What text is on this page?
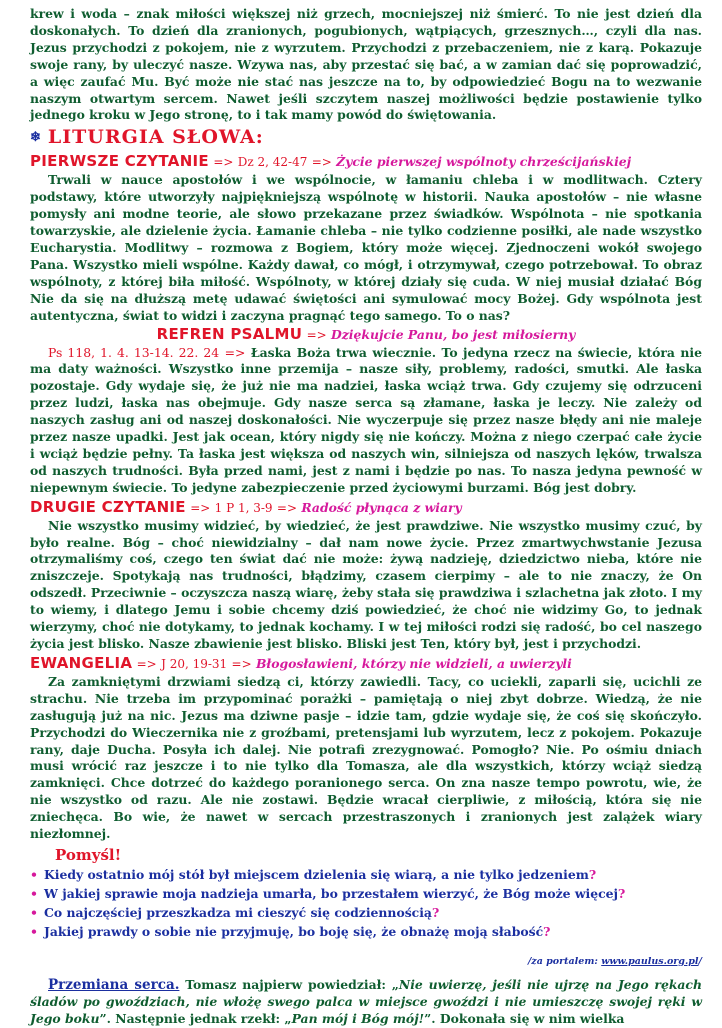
krew i woda – znak miłości większej niż grzech, mocniejszej niż śmierć. To nie jest dzień dla doskonałych. To dzień dla zranionych, pogubionych, wątpiących, grzesznych…, czyli dla nas. Jezus przychodzi z pokojem, nie z wyrzutem. Przychodzi z przebaczeniem, nie z karą. Pokazuje swoje rany, by uleczyć nasze. Wzywa nas, aby przestać się bać, a w zamian dać się poprowadzić, a więc zaufać Mu. Być może nie stać nas jeszcze na to, by odpowiedzieć Bogu na to wezwanie naszym otwartym sercem. Nawet jeśli szczytem naszej możliwości będzie postawienie tylko jednego kroku w Jego stronę, to i tak mamy powód do świętowania.

❄ LITURGIA SŁOWA:
PIERWSZE CZYTANIE => Dz 2, 42-47 => Życie pierwszej wspólnoty chrześcijańskiej

Trwali w nauce apostołów i we wspólnocie, w łamaniu chleba i w modlitwach. Cztery podstawy, które utworzyły najpiękniejszą wspólnotę w historii. Nauka apostołów – nie własne pomysły ani modne teorie, ale słowo przekazane przez świadków. Wspólnota – nie spotkania towarzyskie, ale dzielenie życia. Łamanie chleba – nie tylko codzienne posiłki, ale nade wszystko Eucharystia. Modlitwy – rozmowa z Bogiem, który może więcej. Zjednoczeni wokół swojego Pana. Wszystko mieli wspólne. Każdy dawał, co mógł, i otrzymywał, czego potrzebował. To obraz wspólnoty, z której biła miłość. Wspólnoty, w której działy się cuda. W niej musiał działać Bóg Nie da się na dłuższą metę udawać świętości ani symulować mocy Bożej. Gdy wspólnota jest autentyczna, świat to widzi i zaczyna pragnąć tego samego. To o nas?

REFREN PSALMU => Dziękujcie Panu, bo jest miłosierny

Ps 118, 1. 4. 13-14. 22. 24 => Łaska Boża trwa wiecznie. To jedyna rzecz na świecie, która nie ma daty ważności. Wszystko inne przemija – nasze siły, problemy, radości, smutki. Ale łaska pozostaje. Gdy wydaje się, że już nie ma nadziei, łaska wciąż trwa. Gdy czujemy się odrzuceni przez ludzi, łaska nas obejmuje. Gdy nasze serca są złamane, łaska je leczy. Nie zależy od naszych zasług ani od naszej doskonałości. Nie wyczerpuje się przez nasze błędy ani nie maleje przez nasze upadki. Jest jak ocean, który nigdy się nie kończy. Można z niego czerpać całe życie i wciąż będzie pełny. Ta łaska jest większa od naszych win, silniejsza od naszych lęków, trwalsza od naszych trudności. Była przed nami, jest z nami i będzie po nas. To nasza jedyna pewność w niepewnym świecie. To jedyne zabezpieczenie przed życiowymi burzami. Bóg jest dobry.

DRUGIE CZYTANIE => 1 P 1, 3-9 => Radość płynąca z wiary

Nie wszystko musimy widzieć, by wiedzieć, że jest prawdziwe. Nie wszystko musimy czuć, by było realne. Bóg – choć niewidzialny – dał nam nowe życie. Przez zmartwychwstanie Jezusa otrzymaliśmy coś, czego ten świat dać nie może: żywą nadzieję, dziedzictwo nieba, które nie zniszczeje. Spotykają nas trudności, błądzimy, czasem cierpimy – ale to nie znaczy, że On odszedł. Przeciwnie – oczyszcza naszą wiarę, żeby stała się prawdziwa i szlachetna jak złoto. I my to wiemy, i dlatego Jemu i sobie chcemy dziś powiedzieć, że choć nie widzimy Go, to jednak wierzymy, choć nie dotykamy, to jednak kochamy. I w tej miłości rodzi się radość, bo cel naszego życia jest blisko. Nasze zbawienie jest blisko. Bliski jest Ten, który był, jest i przychodzi.

EWANGELIA => J 20, 19-31 => Błogosławieni, którzy nie widzieli, a uwierzyli

Za zamkniętymi drzwiami siedzą ci, którzy zawiedli. Tacy, co uciekli, zaparli się, ucichli ze strachu. Nie trzeba im przypominać porażki – pamiętają o niej zbyt dobrze. Wiedzą, że nie zasługują już na nic. Jezus ma dziwne pasje – idzie tam, gdzie wydaje się, że coś się skończyło. Przychodzi do Wieczernika nie z groźbami, pretensjami lub wyrzutem, lecz z pokojem. Pokazuje rany, daje Ducha. Posyła ich dalej. Nie potrafi zrezygnować. Pomogło? Nie. Po ośmiu dniach musi wrócić raz jeszcze i to nie tylko dla Tomasza, ale dla wszystkich, którzy wciąż siedzą zamknięci. Chce dotrzeć do każdego poranionego serca. On zna nasze tempo powrotu, wie, że nie wszystko od razu. Ale nie zostawi. Będzie wracał cierpliwie, z miłością, która się nie zniechęca. Bo wie, że nawet w sercach przestraszonych i zranionych jest zalążek wiary niezłomnej.

Pomyśl!
• Kiedy ostatnio mój stół był miejscem dzielenia się wiarą, a nie tylko jedzeniem?
• W jakiej sprawie moja nadzieja umarła, bo przestałem wierzyć, że Bóg może więcej?
• Co najczęściej przeszkadza mi cieszyć się codziennością?
• Jakiej prawdy o sobie nie przyjmuję, bo boję się, że obnażę moją słabość?
/za portalem: www.paulus.org.pl/

Przemiana serca. Tomasz najpierw powiedział: „Nie uwierzę, jeśli nie ujrzę na Jego rękach śladów po gwoździach, nie włożę swego palca w miejsce gwoździ i nie umieszczę swojej ręki w Jego boku”. Następnie jednak rzekł: „Pan mój i Bóg mój!”. Dokonała się w nim wielka
